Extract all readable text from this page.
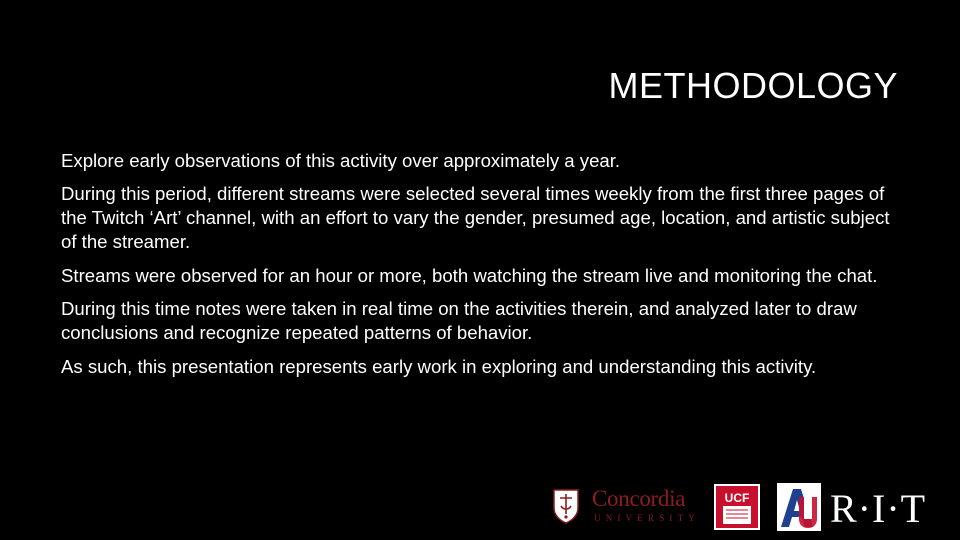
METHODOLOGY
Explore early observations of this activity over approximately a year.
During this period, different streams were selected several times weekly from the first three pages of the Twitch ‘Art’ channel, with an effort to vary the gender, presumed age, location, and artistic subject of the streamer.
Streams were observed for an hour or more, both watching the stream live and monitoring the chat.
During this time notes were taken in real time on the activities therein, and analyzed later to draw conclusions and recognize repeated patterns of behavior.
As such, this presentation represents early work in exploring and understanding this activity.
Concordia
UNIVERSITY
UCF R·I·T
